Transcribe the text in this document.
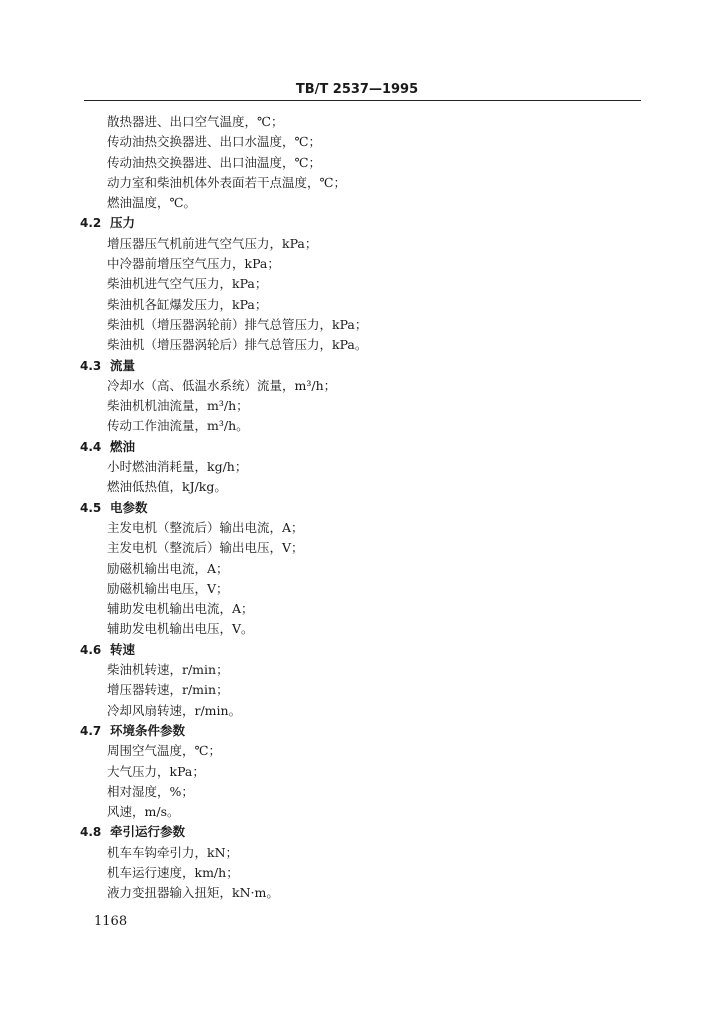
TB/T 2537—1995
散热器进、出口空气温度，℃；
传动油热交换器进、出口水温度，℃；
传动油热交换器进、出口油温度，℃；
动力室和柴油机体外表面若干点温度，℃；
燃油温度，℃。
4.2 压力
增压器压气机前进气空气压力，kPa；
中冷器前增压空气压力，kPa；
柴油机进气空气压力，kPa；
柴油机各缸爆发压力，kPa；
柴油机（增压器涡轮前）排气总管压力，kPa；
柴油机（增压器涡轮后）排气总管压力，kPa。
4.3 流量
冷却水（高、低温水系统）流量，m³/h；
柴油机机油流量，m³/h；
传动工作油流量，m³/h。
4.4 燃油
小时燃油消耗量，kg/h；
燃油低热值，kJ/kg。
4.5 电参数
主发电机（整流后）输出电流，A；
主发电机（整流后）输出电压，V；
励磁机输出电流，A；
励磁机输出电压，V；
辅助发电机输出电流，A；
辅助发电机输出电压，V。
4.6 转速
柴油机转速，r/min；
增压器转速，r/min；
冷却风扇转速，r/min。
4.7 环境条件参数
周围空气温度，℃；
大气压力，kPa；
相对湿度，%；
风速，m/s。
4.8 牵引运行参数
机车车钩牵引力，kN；
机车运行速度，km/h；
液力变扭器输入扭矩，kN·m。
1168
